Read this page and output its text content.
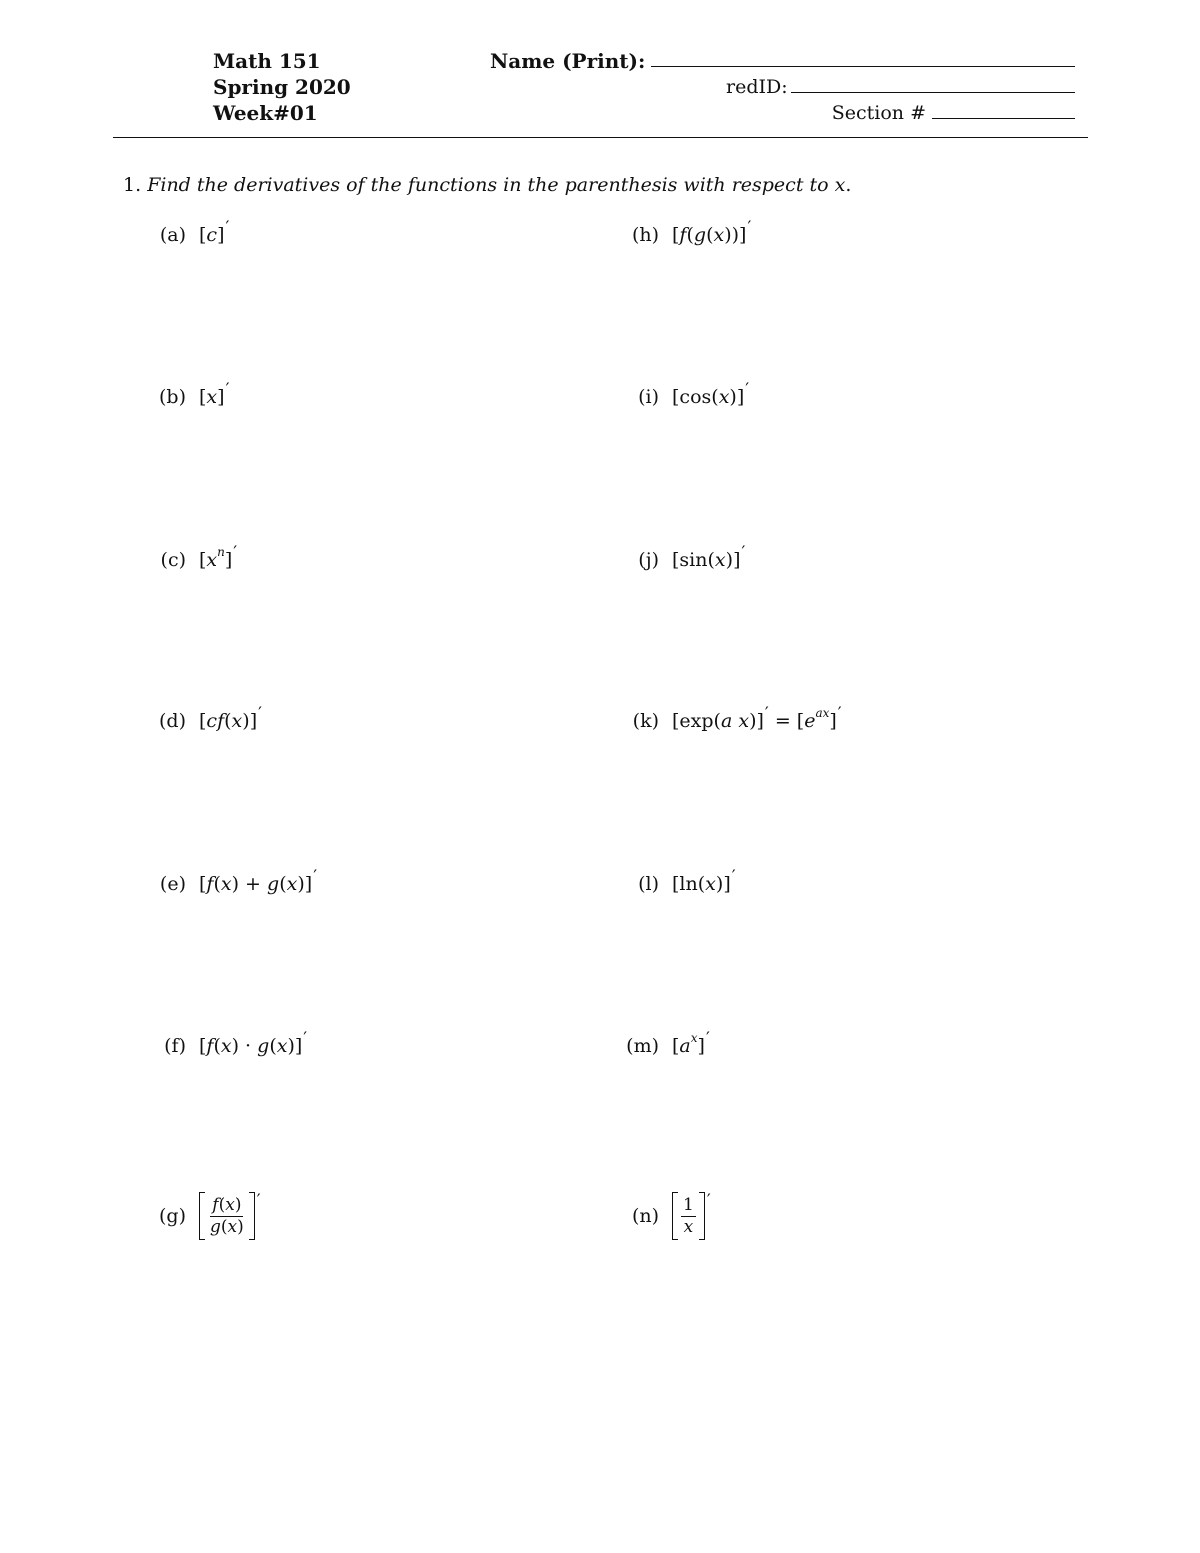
Math 151
Spring 2020
Week#01
Name (Print):
redID:
Section #
1. Find the derivatives of the functions in the parenthesis with respect to x.
(a) [ c ] ′
(b) [ x ] ′
(c) [ x n ] ′
(d) [ c f ( x ) ] ′
(e) [ f ( x ) + g ( x ) ] ′
(f) [ f ( x ) · g ( x ) ] ′
$(g) \frac{f(x)}{g(x)}$ ′
(h) [ f ( g ( x )) ] ′
(i) [ cos ( x ) ] ′
(j) [ sin ( x ) ] ′
(k) [ exp ( a
x ) ] ′ = [ e ax ] ′
(l) [ ln ( x ) ] ′
(m) [ a x ] ′
$(n) \frac{1}{x}$ ′
